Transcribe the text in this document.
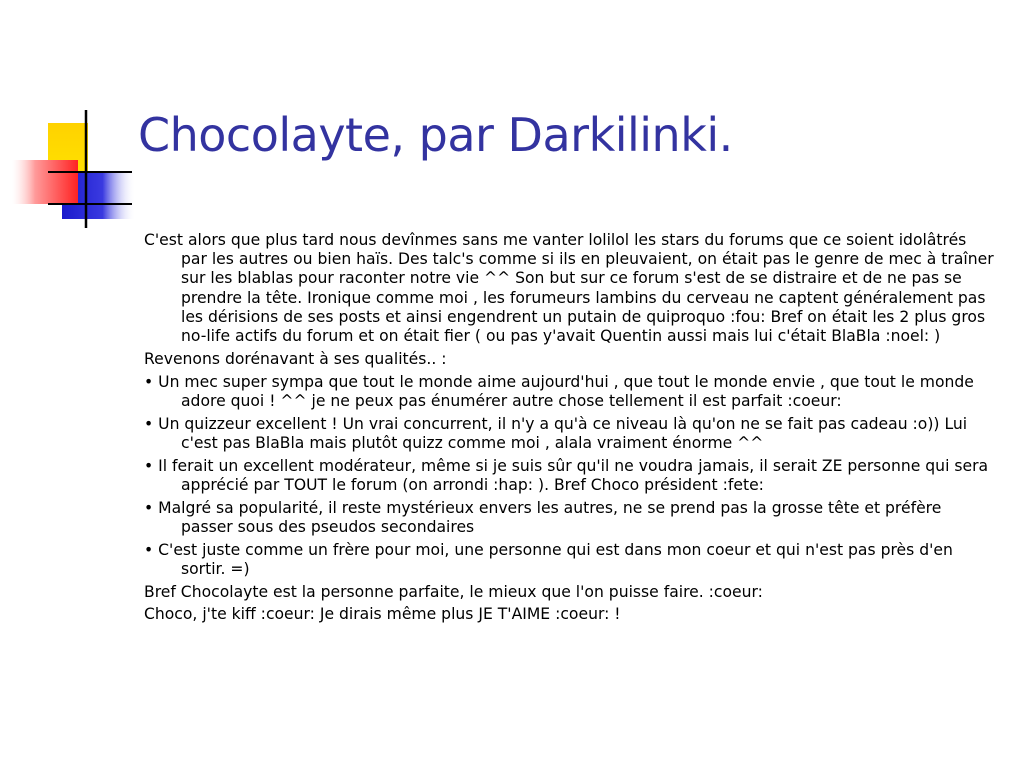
Chocolayte, par Darkilinki.

C'est alors que plus tard nous devînmes sans me vanter lolilol les stars du forums que ce soient idolâtrés par les autres ou bien haïs. Des talc's comme si ils en pleuvaient, on était pas le genre de mec à traîner sur les blablas pour raconter notre vie ^^ Son but sur ce forum s'est de se distraire et de ne pas se prendre la tête. Ironique comme moi , les forumeurs lambins du cerveau ne captent généralement pas les dérisions de ses posts et ainsi engendrent un putain de quiproquo :fou: Bref on était les 2 plus gros no-life actifs du forum et on était fier ( ou pas y'avait Quentin aussi mais lui c'était BlaBla :noel: )

Revenons dorénavant à ses qualités.. :

• Un mec super sympa que tout le monde aime aujourd'hui , que tout le monde envie , que tout le monde adore quoi ! ^^ je ne peux pas énumérer autre chose tellement il est parfait :coeur:

• Un quizzeur excellent ! Un vrai concurrent, il n'y a qu'à ce niveau là qu'on ne se fait pas cadeau :o)) Lui c'est pas BlaBla mais plutôt quizz comme moi , alala vraiment énorme ^^

• Il ferait un excellent modérateur, même si je suis sûr qu'il ne voudra jamais, il serait ZE personne qui sera apprécié par TOUT le forum (on arrondi :hap: ). Bref Choco président :fete:

• Malgré sa popularité, il reste mystérieux envers les autres, ne se prend pas la grosse tête et préfère passer sous des pseudos secondaires

• C'est juste comme un frère pour moi, une personne qui est dans mon coeur et qui n'est pas près d'en sortir. =)

Bref Chocolayte est la personne parfaite, le mieux que l'on puisse faire. :coeur:

Choco, j'te kiff :coeur: Je dirais même plus JE T'AIME :coeur: !
